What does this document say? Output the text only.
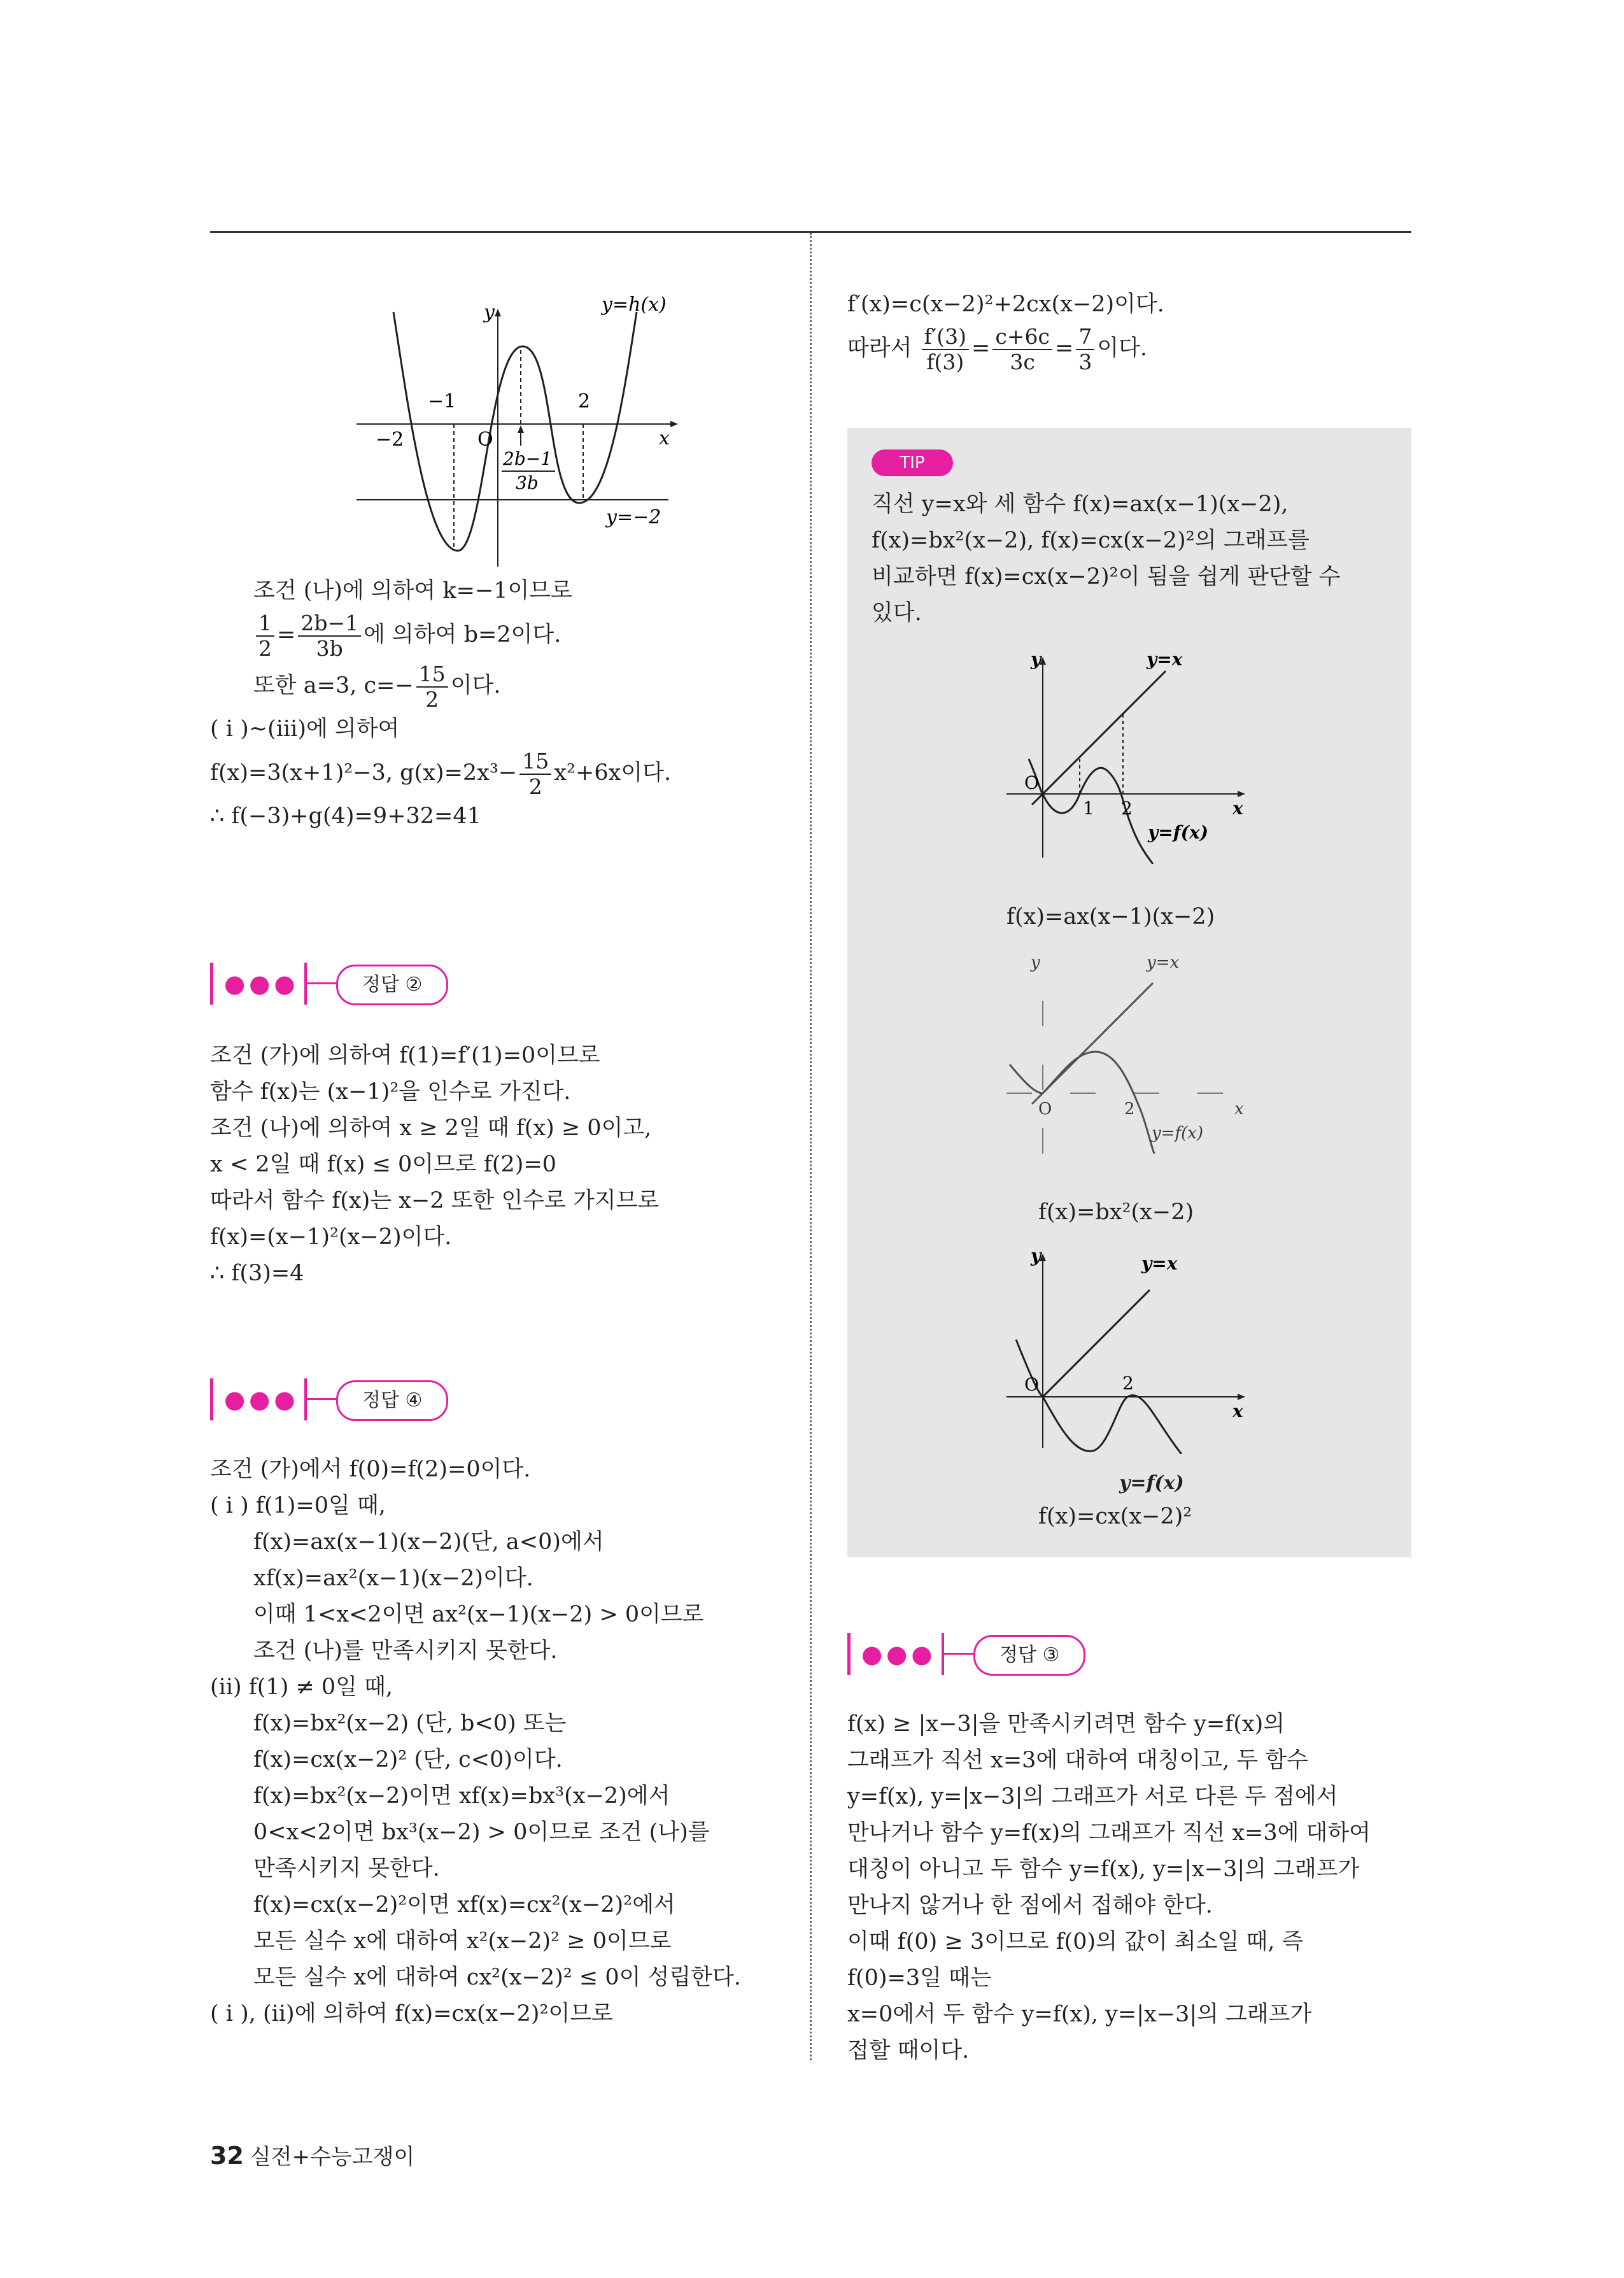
y	y=h(x)
x
−2
−1	2
O
2b−1
3b
y=−2
조건 (나)에 의하여 k=−1이므로
$\frac{1}{2} = \frac{2b-1}{3b}$ 에 의하여 b=2이다.
또한 a=3, $c=- \frac{15}{2}$ 이다.
( i )~(iii)에 의하여
f(x)=3(x+1)²−3, $g(x)=2x^3- \frac{15}{2} x^2+6x$이다.
∴ f(−3)+g(4)=9+32=41
●●●	정답 ②
조건 (가)에 의하여 f(1)=f′(1)=0이므로
함수 f(x)는 (x−1)²을 인수로 가진다.
조건 (나)에 의하여 x ≥ 2일 때 f(x) ≥ 0이고,
x < 2일 때 f(x) ≤ 0이므로 f(2)=0
따라서 함수 f(x)는 x−2 또한 인수로 가지므로
f(x)=(x−1)²(x−2)이다.
∴ f(3)=4
●●●	정답 ④
조건 (가)에서 f(0)=f(2)=0이다.
( i ) f(1)=0일 때,
f(x)=ax(x−1)(x−2)(단, a<0)에서
xf(x)=ax²(x−1)(x−2)이다.
이때 1<x<2이면 ax²(x−1)(x−2) > 0이므로
조건 (나)를 만족시키지 못한다.
(ii) f(1) ≠ 0일 때,
f(x)=bx²(x−2) (단, b<0) 또는
f(x)=cx(x−2)² (단, c<0)이다.
f(x)=bx²(x−2)이면 xf(x)=bx³(x−2)에서
0<x<2이면 bx³(x−2) > 0이므로 조건 (나)를
만족시키지 못한다.
f(x)=cx(x−2)²이면 xf(x)=cx²(x−2)²에서
모든 실수 x에 대하여 x²(x−2)² ≥ 0이므로
모든 실수 x에 대하여 cx²(x−2)² ≤ 0이 성립한다.
( i ), (ii)에 의하여 f(x)=cx(x−2)²이므로
f′(x)=c(x−2)²+2cx(x−2)이다.
따라서 $\frac{f'(3)}{f(3)} = \frac{c+6c}{3c} = \frac{7}{3}$ 이다.
TIP
직선 y=x와 세 함수 f(x)=ax(x−1)(x−2),
f(x)=bx²(x−2), f(x)=cx(x−2)²의 그래프를
비교하면 f(x)=cx(x−2)²이 됨을 쉽게 판단할 수
있다.
y	y=x
O
1 2	x
y=f(x)
f(x)=ax(x−1)(x−2)
y	y=x
O	2	x
y=f(x)
f(x)=bx²(x−2)
y	y=x
O	2
x
f(x)=cx(x−2)²
y=f(x)
●●●	정답 ③
f(x) ≥ |x−3|을 만족시키려면 함수 y=f(x)의
그래프가 직선 x=3에 대하여 대칭이고, 두 함수
y=f(x), y=|x−3|의 그래프가 서로 다른 두 점에서
만나거나 함수 y=f(x)의 그래프가 직선 x=3에 대하여
대칭이 아니고 두 함수 y=f(x), y=|x−3|의 그래프가
만나지 않거나 한 점에서 접해야 한다.
이때 f(0) ≥ 3이므로 f(0)의 값이 최소일 때, 즉
f(0)=3일 때는
x=0에서 두 함수 y=f(x), y=|x−3|의 그래프가
접할 때이다.
32 실전+수능고쟁이
